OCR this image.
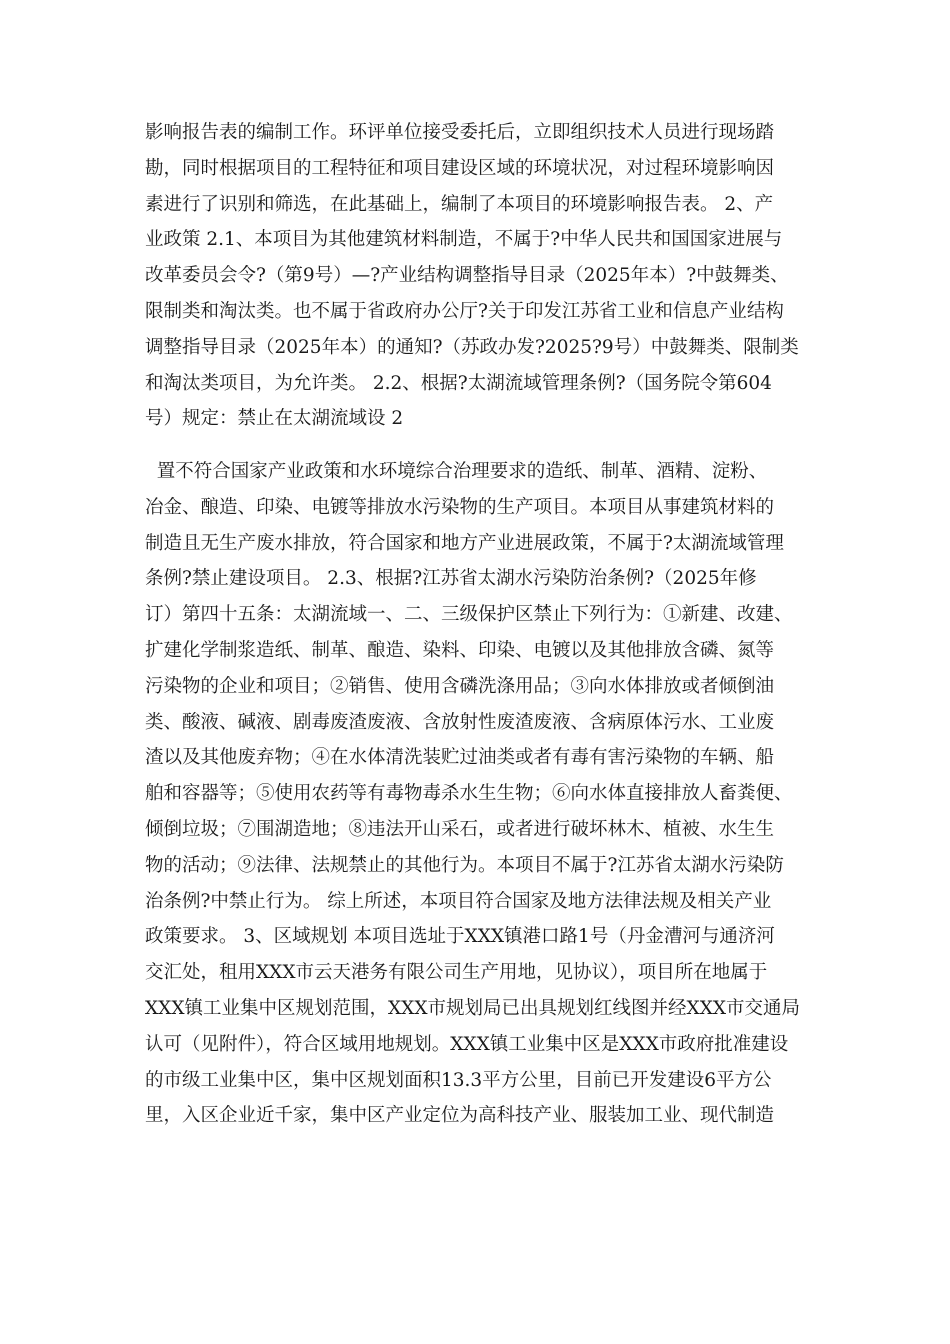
影响报告表的编制工作。环评单位接受委托后，立即组织技术人员进行现场踏
勘，同时根据项目的工程特征和项目建设区域的环境状况，对过程环境影响因
素进行了识别和筛选，在此基础上，编制了本项目的环境影响报告表。 2、产
业政策 2.1、本项目为其他建筑材料制造，不属于?中华人民共和国国家进展与
改革委员会令?（第9号）—?产业结构调整指导目录（2025年本）?中鼓舞类、
限制类和淘汰类。也不属于省政府办公厅?关于印发江苏省工业和信息产业结构
调整指导目录（2025年本）的通知?（苏政办发?2025?9号）中鼓舞类、限制类
和淘汰类项目，为允许类。 2.2、根据?太湖流域管理条例?（国务院令第604
号）规定：禁止在太湖流域设 2
置不符合国家产业政策和水环境综合治理要求的造纸、制革、酒精、淀粉、
冶金、酿造、印染、电镀等排放水污染物的生产项目。本项目从事建筑材料的
制造且无生产废水排放，符合国家和地方产业进展政策，不属于?太湖流域管理
条例?禁止建设项目。 2.3、根据?江苏省太湖水污染防治条例?（2025年修
订）第四十五条：太湖流域一、二、三级保护区禁止下列行为：①新建、改建、
扩建化学制浆造纸、制革、酿造、染料、印染、电镀以及其他排放含磷、氮等
污染物的企业和项目；②销售、使用含磷洗涤用品；③向水体排放或者倾倒油
类、酸液、碱液、剧毒废渣废液、含放射性废渣废液、含病原体污水、工业废
渣以及其他废弃物；④在水体清洗装贮过油类或者有毒有害污染物的车辆、船
舶和容器等；⑤使用农药等有毒物毒杀水生生物；⑥向水体直接排放人畜粪便、
倾倒垃圾；⑦围湖造地；⑧违法开山采石，或者进行破坏林木、植被、水生生
物的活动；⑨法律、法规禁止的其他行为。本项目不属于?江苏省太湖水污染防
治条例?中禁止行为。 综上所述，本项目符合国家及地方法律法规及相关产业
政策要求。 3、区域规划 本项目选址于XXX镇港口路1号（丹金漕河与通济河
交汇处，租用XXX市云天港务有限公司生产用地，见协议），项目所在地属于
XXX镇工业集中区规划范围，XXX市规划局已出具规划红线图并经XXX市交通局
认可（见附件），符合区域用地规划。XXX镇工业集中区是XXX市政府批准建设
的市级工业集中区，集中区规划面积13.3平方公里，目前已开发建设6平方公
里，入区企业近千家，集中区产业定位为高科技产业、服装加工业、现代制造
